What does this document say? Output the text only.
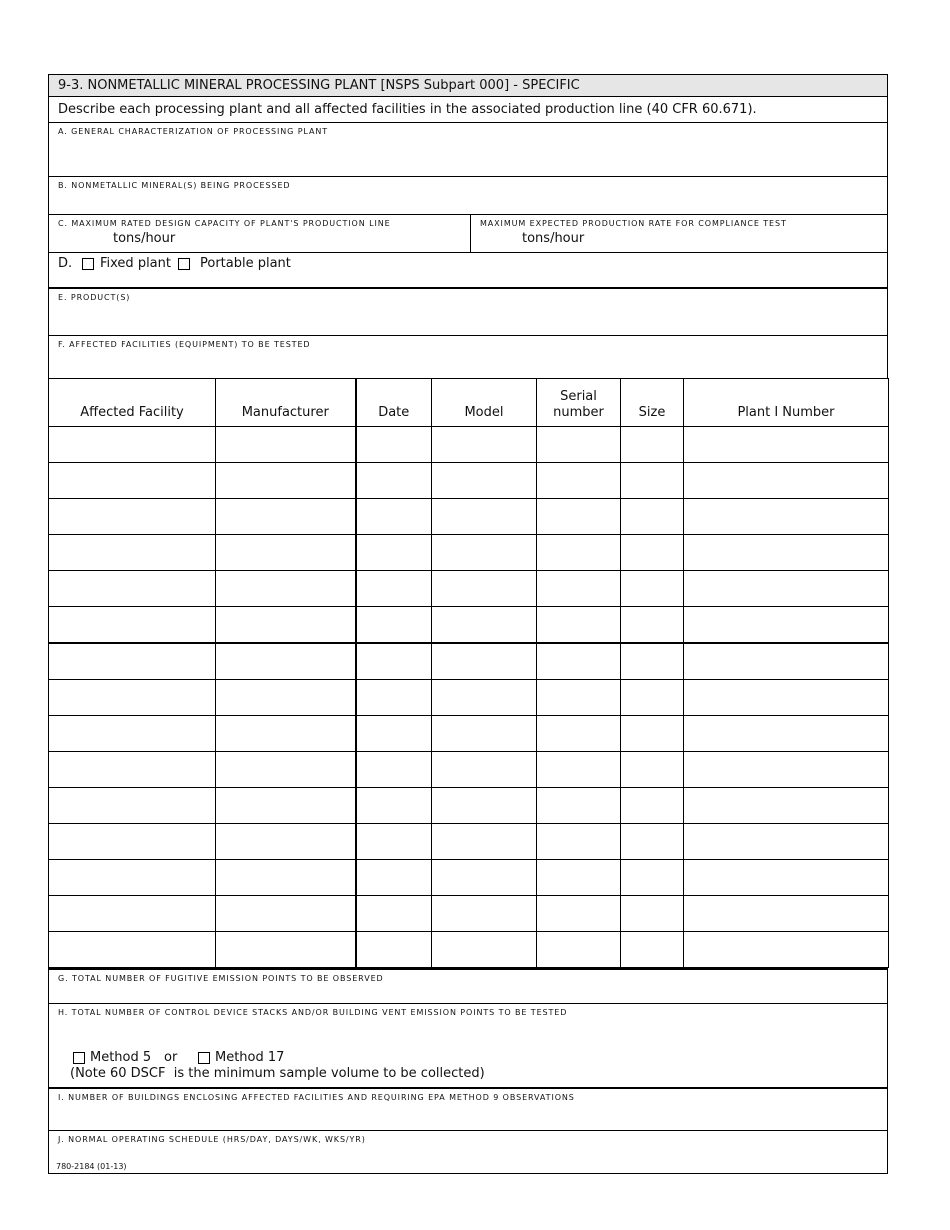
9-3. NONMETALLIC MINERAL PROCESSING PLANT [NSPS Subpart 000] - SPECIFIC
Describe each processing plant and all affected facilities in the associated production line (40 CFR 60.671).
A. GENERAL CHARACTERIZATION OF PROCESSING PLANT
B. NONMETALLIC MINERAL(S) BEING PROCESSED
C. MAXIMUM RATED DESIGN CAPACITY OF PLANT'S PRODUCTION LINE
tons/hour
MAXIMUM EXPECTED PRODUCTION RATE FOR COMPLIANCE TEST
tons/hour
D. Fixed plant Portable plant
E. PRODUCT(S)
F. AFFECTED FACILITIES (EQUIPMENT) TO BE TESTED
Affected Facility	Manufacturer	Date	Model	Serial number	Size	Plant I Number

G. TOTAL NUMBER OF FUGITIVE EMISSION POINTS TO BE OBSERVED
H. TOTAL NUMBER OF CONTROL DEVICE STACKS AND/OR BUILDING VENT EMISSION POINTS TO BE TESTED
Method 5 or	Method 17
(Note 60 DSCF  is the minimum sample volume to be collected)
I. NUMBER OF BUILDINGS ENCLOSING AFFECTED FACILITIES AND REQUIRING EPA METHOD 9 OBSERVATIONS
J. NORMAL OPERATING SCHEDULE (HRS/DAY, DAYS/WK, WKS/YR)
780-2184 (01-13)
